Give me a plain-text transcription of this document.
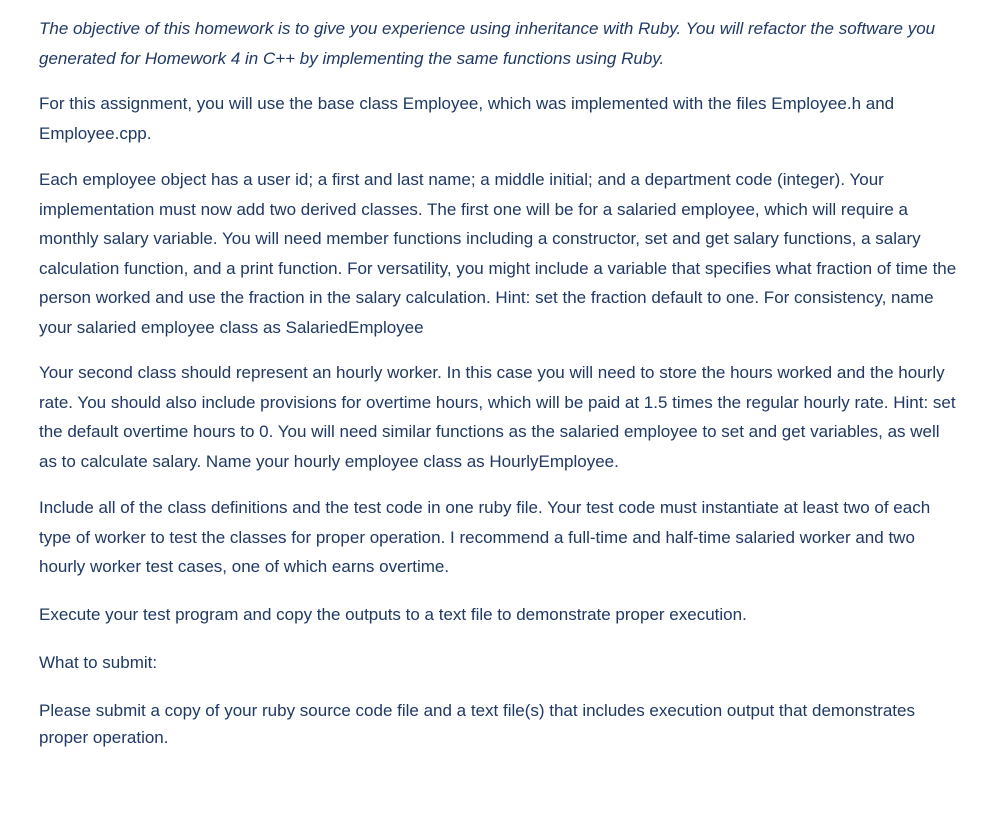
The objective of this homework is to give you experience using inheritance with Ruby. You will refactor the software you generated for Homework 4 in C++ by implementing the same functions using Ruby.

For this assignment, you will use the base class Employee, which was implemented with the files Employee.h and Employee.cpp.

Each employee object has a user id; a first and last name; a middle initial; and a department code (integer). Your implementation must now add two derived classes. The first one will be for a salaried employee, which will require a monthly salary variable. You will need member functions including a constructor, set and get salary functions, a salary calculation function, and a print function. For versatility, you might include a variable that specifies what fraction of time the person worked and use the fraction in the salary calculation. Hint: set the fraction default to one. For consistency, name your salaried employee class as SalariedEmployee

Your second class should represent an hourly worker. In this case you will need to store the hours worked and the hourly rate. You should also include provisions for overtime hours, which will be paid at 1.5 times the regular hourly rate. Hint: set the default overtime hours to 0. You will need similar functions as the salaried employee to set and get variables, as well as to calculate salary. Name your hourly employee class as HourlyEmployee.

Include all of the class definitions and the test code in one ruby file. Your test code must instantiate at least two of each type of worker to test the classes for proper operation. I recommend a full-time and half-time salaried worker and two hourly worker test cases, one of which earns overtime.

Execute your test program and copy the outputs to a text file to demonstrate proper execution.

What to submit:

Please submit a copy of your ruby source code file and a text file(s) that includes execution output that demonstrates proper operation.
